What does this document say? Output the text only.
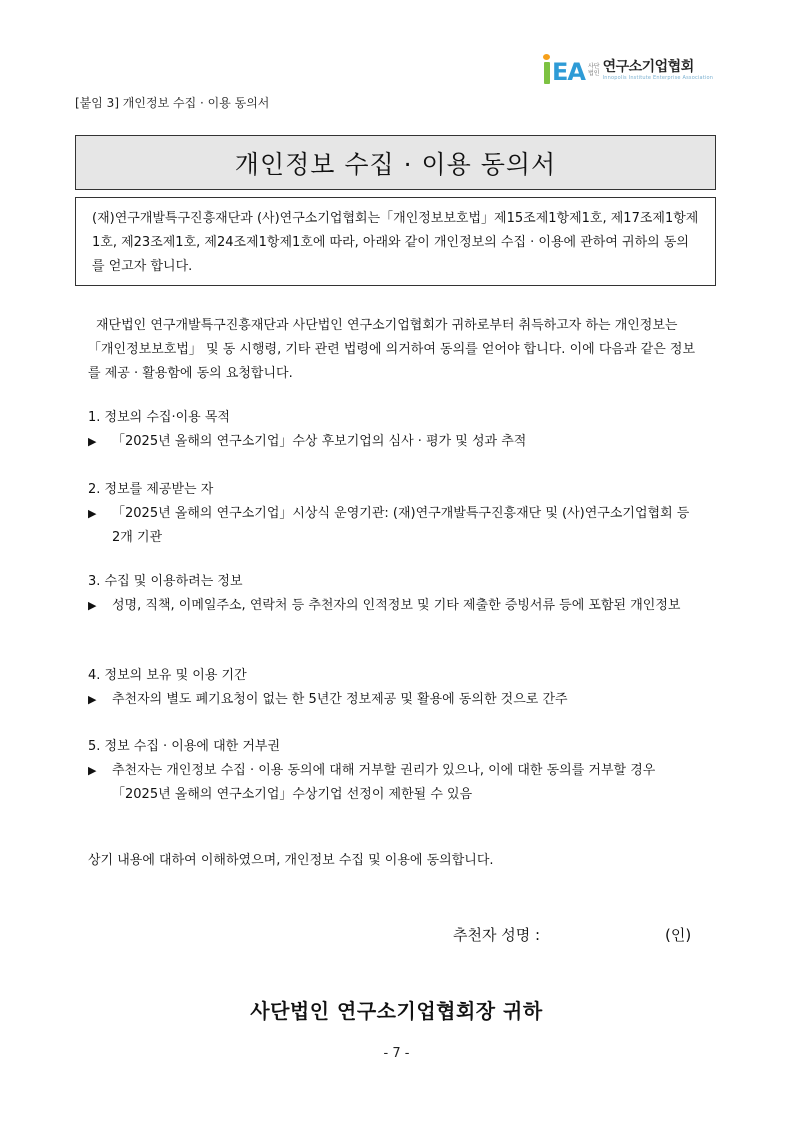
EA 사단
법인 연구소기업협회
Innopolis Institute Enterprise Association
[붙임 3] 개인정보 수집 · 이용 동의서
개인정보 수집 · 이용 동의서
(재)연구개발특구진흥재단과 (사)연구소기업협회는「개인정보보호법」제15조제1항제1호, 제17조제1항제1호, 제23조제1호, 제24조제1항제1호에 따라, 아래와 같이 개인정보의 수집 · 이용에 관하여 귀하의 동의를 얻고자 합니다.
재단법인 연구개발특구진흥재단과 사단법인 연구소기업협회가 귀하로부터 취득하고자 하는 개인정보는 「개인정보보호법」 및 동 시행령, 기타 관련 법령에 의거하여 동의를 얻어야 합니다. 이에 다음과 같은 정보를 제공 · 활용함에 동의 요청합니다.
1. 정보의 수집·이용 목적
▶	「2025년 올해의 연구소기업」수상 후보기업의 심사 · 평가 및 성과 추적
2. 정보를 제공받는 자
▶	「2025년 올해의 연구소기업」시상식 운영기관: (재)연구개발특구진흥재단 및 (사)연구소기업협회 등 2개 기관
3. 수집 및 이용하려는 정보
▶	성명, 직책, 이메일주소, 연락처 등 추천자의 인적정보 및 기타 제출한 증빙서류 등에 포함된 개인정보
4. 정보의 보유 및 이용 기간
▶	추천자의 별도 폐기요청이 없는 한 5년간 정보제공 및 활용에 동의한 것으로 간주
5. 정보 수집 · 이용에 대한 거부권
▶	추천자는 개인정보 수집 · 이용 동의에 대해 거부할 권리가 있으나, 이에 대한 동의를 거부할 경우「2025년 올해의 연구소기업」수상기업 선정이 제한될 수 있음
상기 내용에 대하여 이해하였으며, 개인정보 수집 및 이용에 동의합니다.
추천자 성명 :	(인)
사단법인 연구소기업협회장 귀하
- 7 -
